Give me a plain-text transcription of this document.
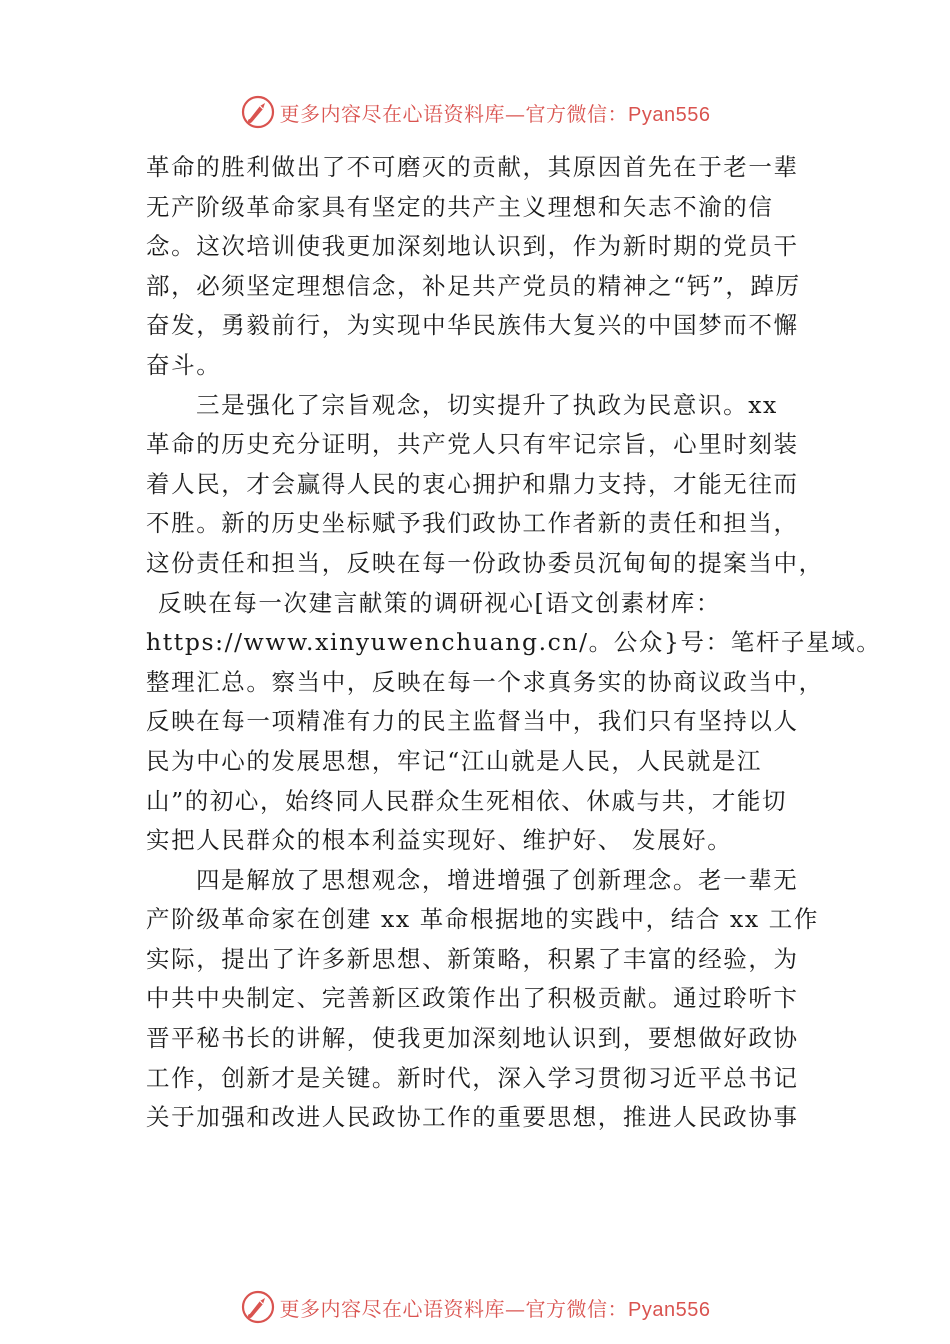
更多内容尽在心语资料库—官方微信：Pyan556
革命的胜利做出了不可磨灭的贡献，其原因首先在于老一辈
无产阶级革命家具有坚定的共产主义理想和矢志不渝的信
念。这次培训使我更加深刻地认识到，作为新时期的党员干
部，必须坚定理想信念，补足共产党员的精神之“钙”，踔厉
奋发，勇毅前行，为实现中华民族伟大复兴的中国梦而不懈
奋斗。
三是强化了宗旨观念，切实提升了执政为民意识。xx
革命的历史充分证明，共产党人只有牢记宗旨，心里时刻装
着人民，才会赢得人民的衷心拥护和鼎力支持，才能无往而
不胜。新的历史坐标赋予我们政协工作者新的责任和担当，
这份责任和担当，反映在每一份政协委员沉甸甸的提案当中，
反映在每一次建言献策的调研视心[语文创素材库：
https://www.xinyuwenchuang.cn/。公众}号：笔杆子星域。
整理汇总。察当中，反映在每一个求真务实的协商议政当中，
反映在每一项精准有力的民主监督当中，我们只有坚持以人
民为中心的发展思想，牢记“江山就是人民，人民就是江
山”的初心，始终同人民群众生死相依、休戚与共，才能切
实把人民群众的根本利益实现好、维护好、 发展好。
四是解放了思想观念，增进增强了创新理念。老一辈无
产阶级革命家在创建 xx 革命根据地的实践中，结合 xx 工作
实际，提出了许多新思想、新策略，积累了丰富的经验，为
中共中央制定、完善新区政策作出了积极贡献。通过聆听卞
晋平秘书长的讲解，使我更加深刻地认识到，要想做好政协
工作，创新才是关键。新时代，深入学习贯彻习近平总书记
关于加强和改进人民政协工作的重要思想，推进人民政协事
更多内容尽在心语资料库—官方微信：Pyan556
